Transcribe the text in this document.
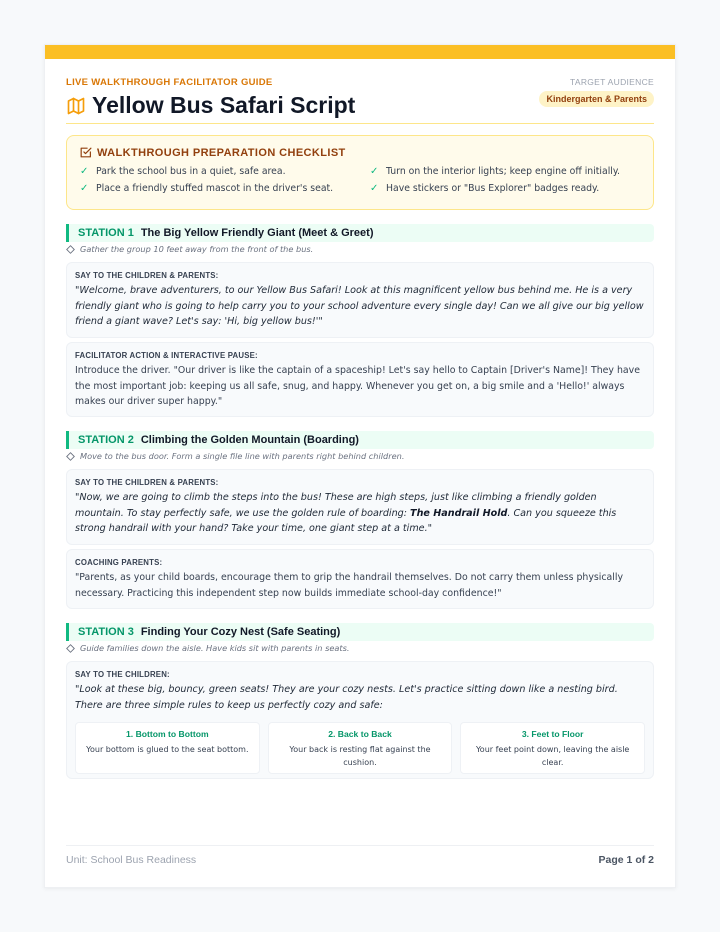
LIVE WALKTHROUGH FACILITATOR GUIDE
Yellow Bus Safari Script
TARGET AUDIENCE
Kindergarten & Parents
WALKTHROUGH PREPARATION CHECKLIST
✓ Park the school bus in a quiet, safe area.	✓ Turn on the interior lights; keep engine off initially.
✓ Place a friendly stuffed mascot in the driver's seat.	✓ Have stickers or "Bus Explorer" badges ready.
STATION 1 The Big Yellow Friendly Giant (Meet & Greet)
Gather the group 10 feet away from the front of the bus.
SAY TO THE CHILDREN & PARENTS:
"Welcome, brave adventurers, to our Yellow Bus Safari! Look at this magnificent yellow bus behind me. He is a very friendly giant who is going to help carry you to your school adventure every single day! Can we all give our big yellow friend a giant wave? Let's say: 'Hi, big yellow bus!'"
FACILITATOR ACTION & INTERACTIVE PAUSE:
Introduce the driver. "Our driver is like the captain of a spaceship! Let's say hello to Captain [Driver's Name]! They have the most important job: keeping us all safe, snug, and happy. Whenever you get on, a big smile and a 'Hello!' always makes our driver super happy."
STATION 2 Climbing the Golden Mountain (Boarding)
Move to the bus door. Form a single file line with parents right behind children.
SAY TO THE CHILDREN & PARENTS:
"Now, we are going to climb the steps into the bus! These are high steps, just like climbing a friendly golden mountain. To stay perfectly safe, we use the golden rule of boarding: The Handrail Hold. Can you squeeze this strong handrail with your hand? Take your time, one giant step at a time."
COACHING PARENTS:
"Parents, as your child boards, encourage them to grip the handrail themselves. Do not carry them unless physically necessary. Practicing this independent step now builds immediate school-day confidence!"
STATION 3 Finding Your Cozy Nest (Safe Seating)
Guide families down the aisle. Have kids sit with parents in seats.
SAY TO THE CHILDREN:
"Look at these big, bouncy, green seats! They are your cozy nests. Let's practice sitting down like a nesting bird. There are three simple rules to keep us perfectly cozy and safe:
1. Bottom to Bottom
Your bottom is glued to the seat bottom.
2. Back to Back
Your back is resting flat against the cushion.
3. Feet to Floor
Your feet point down, leaving the aisle clear.
Unit: School Bus Readiness	Page 1 of 2
